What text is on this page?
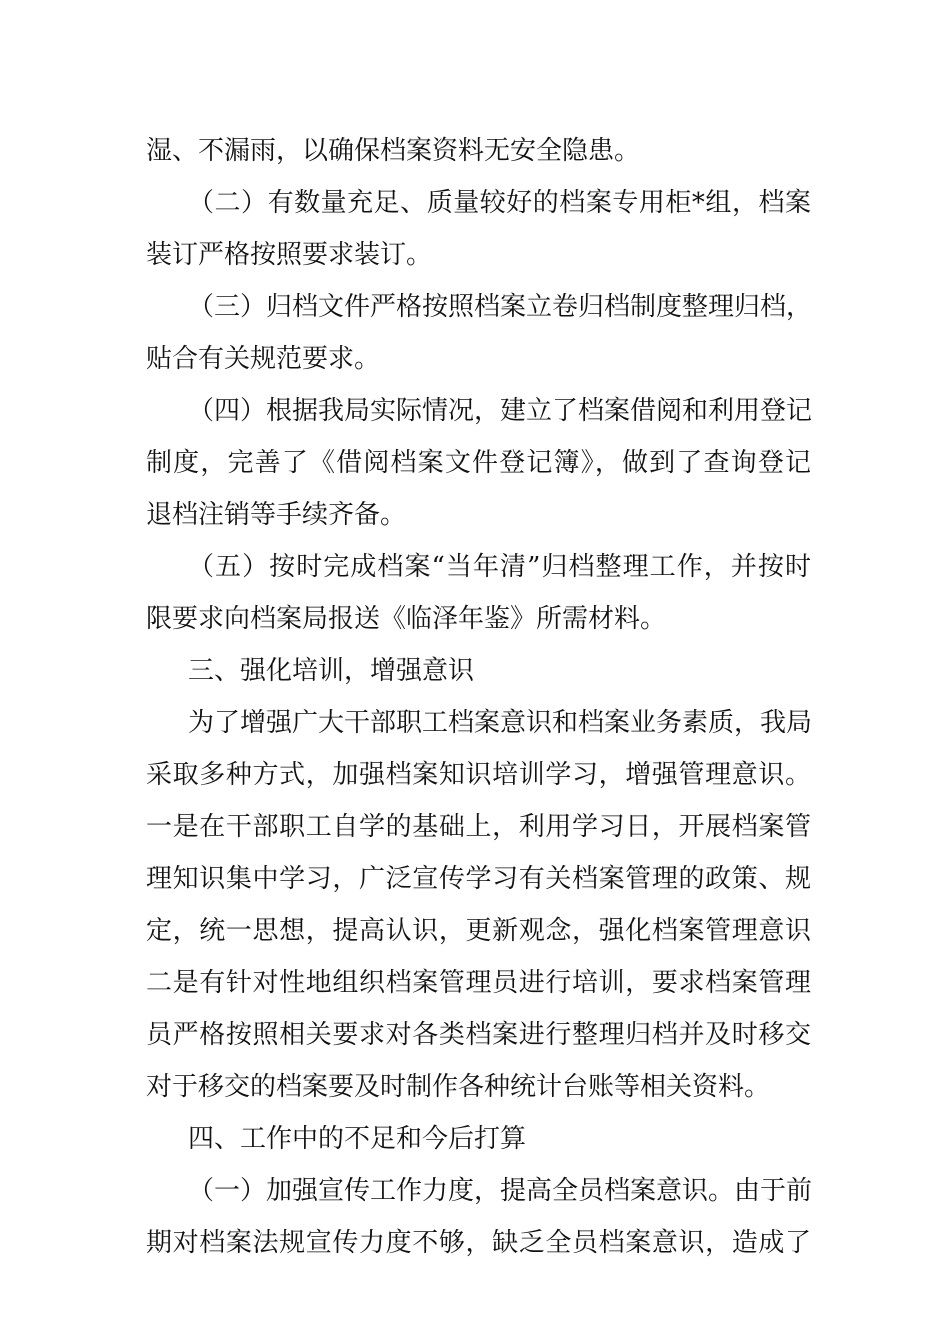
湿、不漏雨，以确保档案资料无安全隐患。
（二）有数量充足、质量较好的档案专用柜*组，档案
装订严格按照要求装订。
（三）归档文件严格按照档案立卷归档制度整理归档，
贴合有关规范要求。
（四）根据我局实际情况，建立了档案借阅和利用登记
制度，完善了《借阅档案文件登记簿》，做到了查询登记
退档注销等手续齐备。
（五）按时完成档案“当年清”归档整理工作，并按时
限要求向档案局报送《临泽年鉴》所需材料。
三、强化培训，增强意识
为了增强广大干部职工档案意识和档案业务素质，我局
采取多种方式，加强档案知识培训学习，增强管理意识。
一是在干部职工自学的基础上，利用学习日，开展档案管
理知识集中学习，广泛宣传学习有关档案管理的政策、规
定，统一思想，提高认识，更新观念，强化档案管理意识
二是有针对性地组织档案管理员进行培训，要求档案管理
员严格按照相关要求对各类档案进行整理归档并及时移交
对于移交的档案要及时制作各种统计台账等相关资料。
四、工作中的不足和今后打算
（一）加强宣传工作力度，提高全员档案意识。由于前
期对档案法规宣传力度不够，缺乏全员档案意识，造成了
